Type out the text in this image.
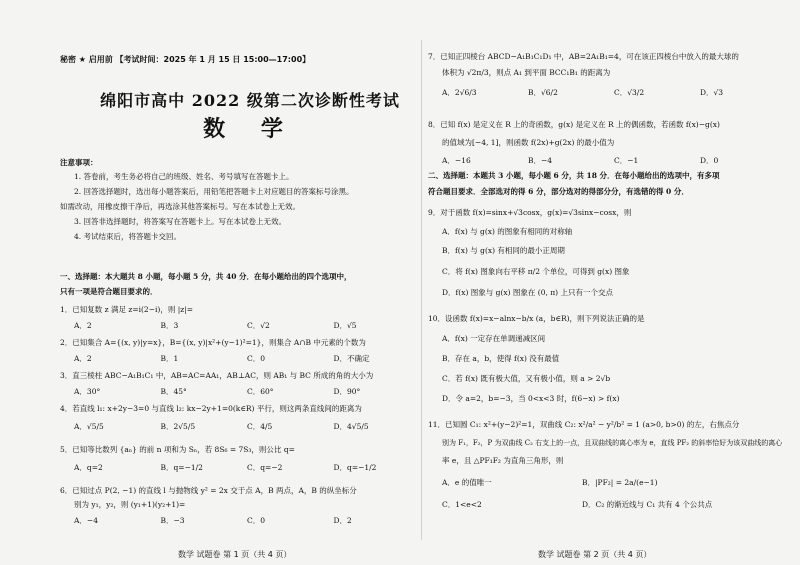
秘密 ★ 启用前 【考试时间：2025 年 1 月 15 日 15:00—17:00】
绵阳市高中 2022 级第二次诊断性考试
数 学
注意事项：
1. 答卷前，考生务必将自己的班级、姓名、考号填写在答题卡上。
2. 回答选择题时，选出每小题答案后，用铅笔把答题卡上对应题目的答案标号涂黑。
如需改动，用橡皮擦干净后，再选涂其他答案标号。写在本试卷上无效。
3. 回答非选择题时，将答案写在答题卡上。写在本试卷上无效。
4. 考试结束后，将答题卡交回。
一、选择题：本大题共 8 小题，每小题 5 分，共 40 分．在每小题给出的四个选项中，
只有一项是符合题目要求的．
1．已知复数 z 满足 z=i(2−i)，则 |z|=
A．2	B．3	C．√2	D．√5
2．已知集合 A={(x, y)|y=x}，B={(x, y)|x²+(y−1)²=1}，则集合 A∩B 中元素的个数为
A．2	B．1	C．0	D．不确定
3．直三棱柱 ABC−A₁B₁C₁ 中，AB=AC=AA₁，AB⊥AC，则 AB₁ 与 BC 所成的角的大小为
A．30°	B．45°	C．60°	D．90°
4．若直线 l₁: x+2y−3=0 与直线 l₂: kx−2y+1=0(k∈R) 平行，则这两条直线间的距离为
A．√5/5	B．2√5/5	C．4/5	D．4√5/5
5．已知等比数列 {aₙ} 的前 n 项和为 Sₙ，若 8S₆ = 7S₃，则公比 q=
A．q=2	B．q=−1/2	C．q=−2	D．q=−1/2
6．已知过点 P(2, −1) 的直线 l 与抛物线 y² = 2x 交于点 A，B 两点，A，B 的纵坐标分
别为 y₁，y₂，则 (y₁+1)(y₂+1)=
A．−4	B．−3	C．0	D．2
数学 试题卷 第 1 页（共 4 页）
7．已知正四棱台 ABCD−A₁B₁C₁D₁ 中，AB=2A₁B₁=4，可在该正四棱台中放入的最大球的
体积为 √2π/3，则点 A₁ 到平面 BCC₁B₁ 的距离为
A．2√6/3	B．√6/2	C．√3/2	D．√3
8．已知 f(x) 是定义在 R 上的奇函数，g(x) 是定义在 R 上的偶函数，若函数 f(x)−g(x)
的值域为[−4, 1]，则函数 f(2x)+g(2x) 的最小值为
A．−16	B．−4	C．−1	D．0
二、选择题：本题共 3 小题，每小题 6 分，共 18 分．在每小题给出的选项中，有多项
符合题目要求．全部选对的得 6 分，部分选对的得部分分，有选错的得 0 分．
9．对于函数 f(x)=sinx+√3cosx，g(x)=√3sinx−cosx，则
A．f(x) 与 g(x) 的图象有相同的对称轴
B．f(x) 与 g(x) 有相同的最小正周期
C．将 f(x) 图象向右平移 π/2 个单位，可得到 g(x) 图象
D．f(x) 图象与 g(x) 图象在 (0, π) 上只有一个交点
10．设函数 f(x)=x−alnx−b/x (a，b∈R)，则下列说法正确的是
A．f(x) 一定存在单调递减区间
B．存在 a，b，使得 f(x) 没有最值
C．若 f(x) 既有极大值，又有极小值，则 a > 2√b
D．令 a=2，b=−3，当 0<x<3 时，f(6−x) > f(x)
11．已知圆 C₁: x²+(y−2)²=1，双曲线 C₂: x²/a² − y²/b² = 1 (a>0, b>0) 的左，右焦点分
别为 F₁，F₂，P 为双曲线 C₂ 右支上的一点，且双曲线的离心率为 e，直线 PF₂ 的斜率恰好为该双曲线的离心
率 e，且 △PF₁F₂ 为直角三角形，则
A．e 的值唯一	B．|PF₂| = 2a/(e−1)
C．1<e<2	D．C₂ 的渐近线与 C₁ 共有 4 个公共点
数学 试题卷 第 2 页（共 4 页）
